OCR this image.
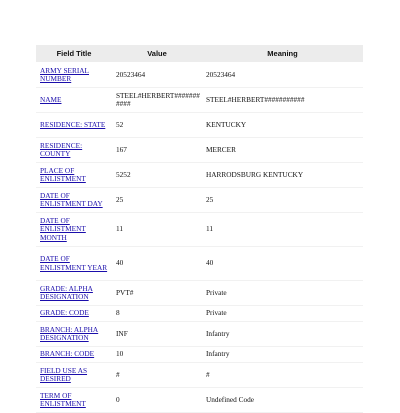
Field Title	Value	Meaning
ARMY SERIAL NUMBER	20523464	20523464
NAME	STEEL#HERBERT###########	STEEL#HERBERT###########
RESIDENCE: STATE	52	KENTUCKY
RESIDENCE: COUNTY	167	MERCER
PLACE OF ENLISTMENT	5252	HARRODSBURG KENTUCKY
DATE OF ENLISTMENT DAY	25	25
DATE OF ENLISTMENT MONTH	11	11
DATE OF ENLISTMENT YEAR	40	40
GRADE: ALPHA DESIGNATION	PVT#	Private
GRADE: CODE	8	Private
BRANCH: ALPHA DESIGNATION	INF	Infantry
BRANCH: CODE	10	Infantry
FIELD USE AS DESIRED	#	#
TERM OF ENLISTMENT	0	Undefined Code
